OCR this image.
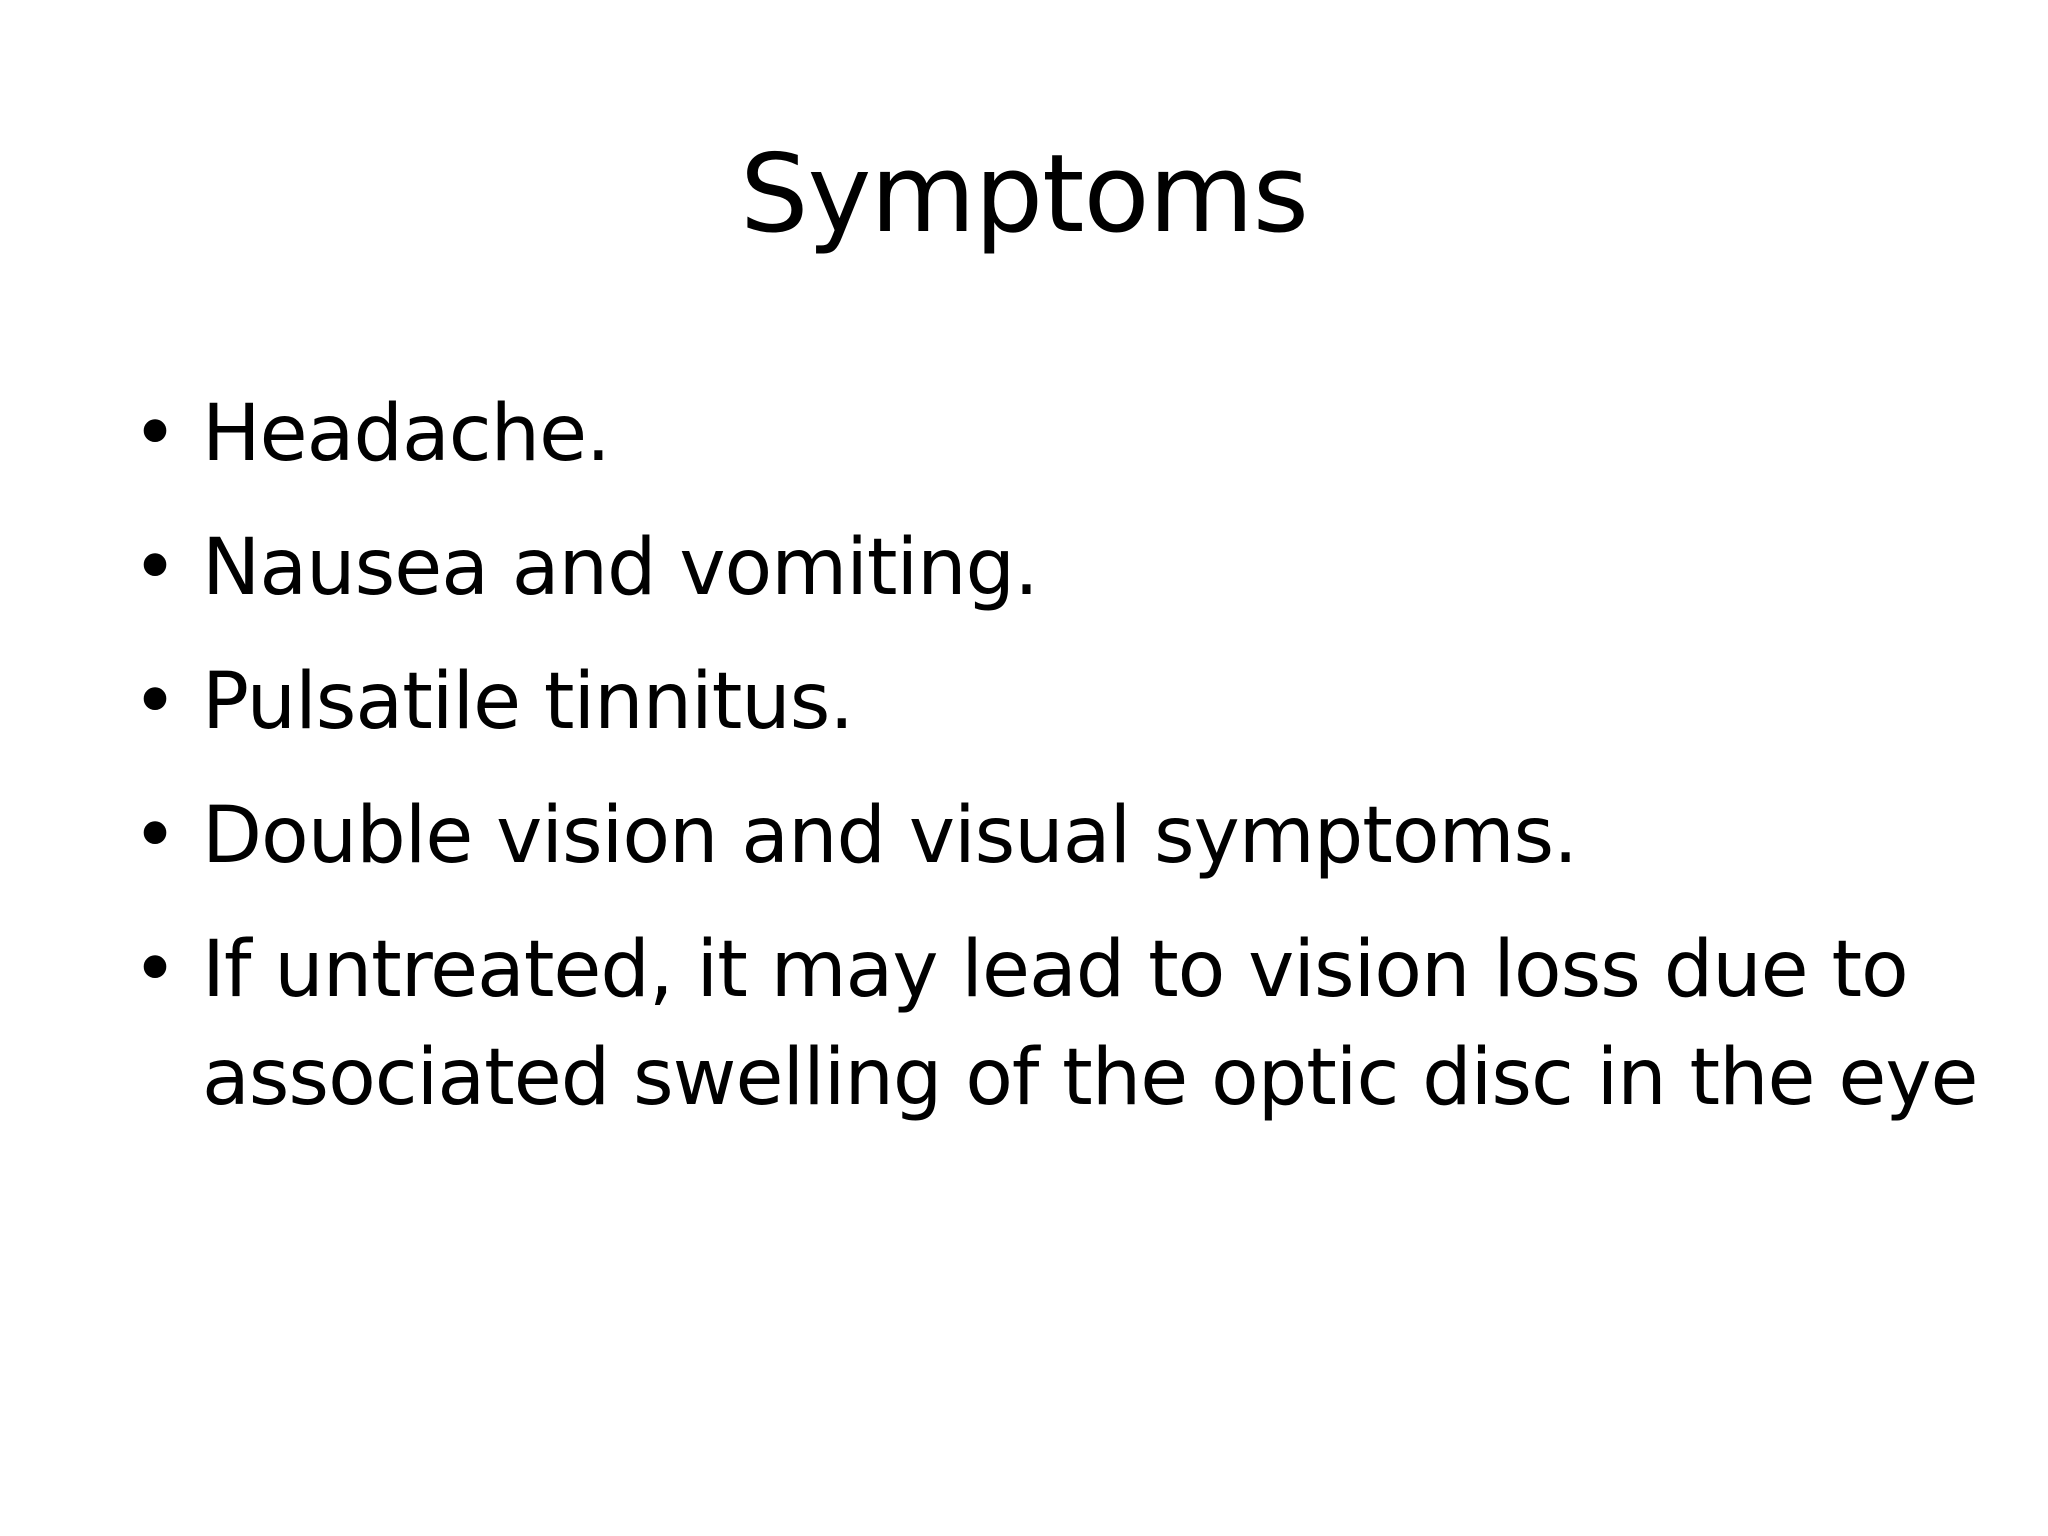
Symptoms
• Headache.
• Nausea and vomiting.
• Pulsatile tinnitus.
• Double vision and visual symptoms.
• If untreated, it may lead to vision loss due to associated swelling of the optic disc in the eye
